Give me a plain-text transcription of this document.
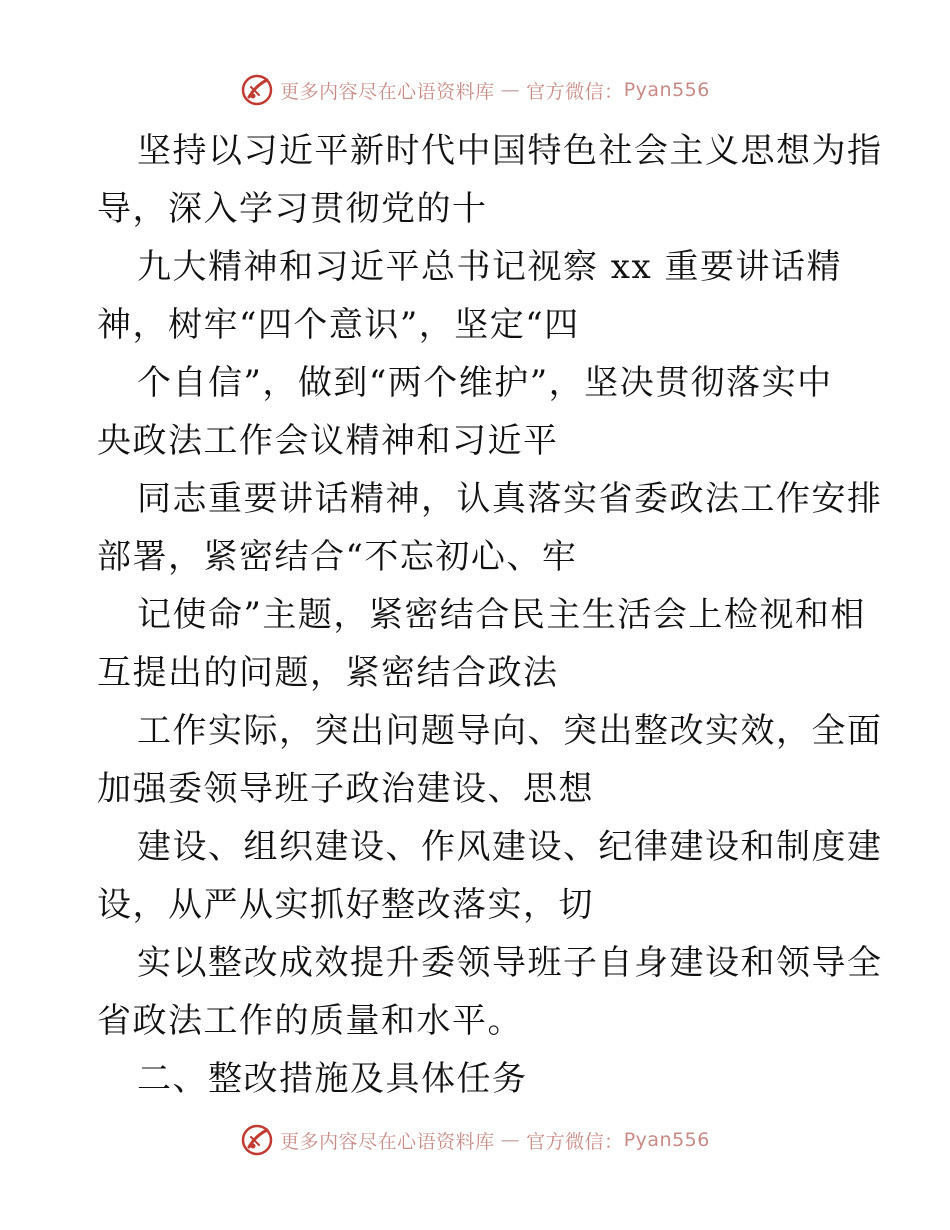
更多内容尽在心语资料库 — 官方微信： Pyan556
坚持以习近平新时代中国特色社会主义思想为指
导，深入学习贯彻党的十
九大精神和习近平总书记视察 xx 重要讲话精
神，树牢“四个意识”，坚定“四
个自信”，做到“两个维护”，坚决贯彻落实中
央政法工作会议精神和习近平
同志重要讲话精神，认真落实省委政法工作安排
部署，紧密结合“不忘初心、牢
记使命”主题，紧密结合民主生活会上检视和相
互提出的问题，紧密结合政法
工作实际，突出问题导向、突出整改实效，全面
加强委领导班子政治建设、思想
建设、组织建设、作风建设、纪律建设和制度建
设，从严从实抓好整改落实，切
实以整改成效提升委领导班子自身建设和领导全
省政法工作的质量和水平。
二、整改措施及具体任务
更多内容尽在心语资料库 — 官方微信： Pyan556
